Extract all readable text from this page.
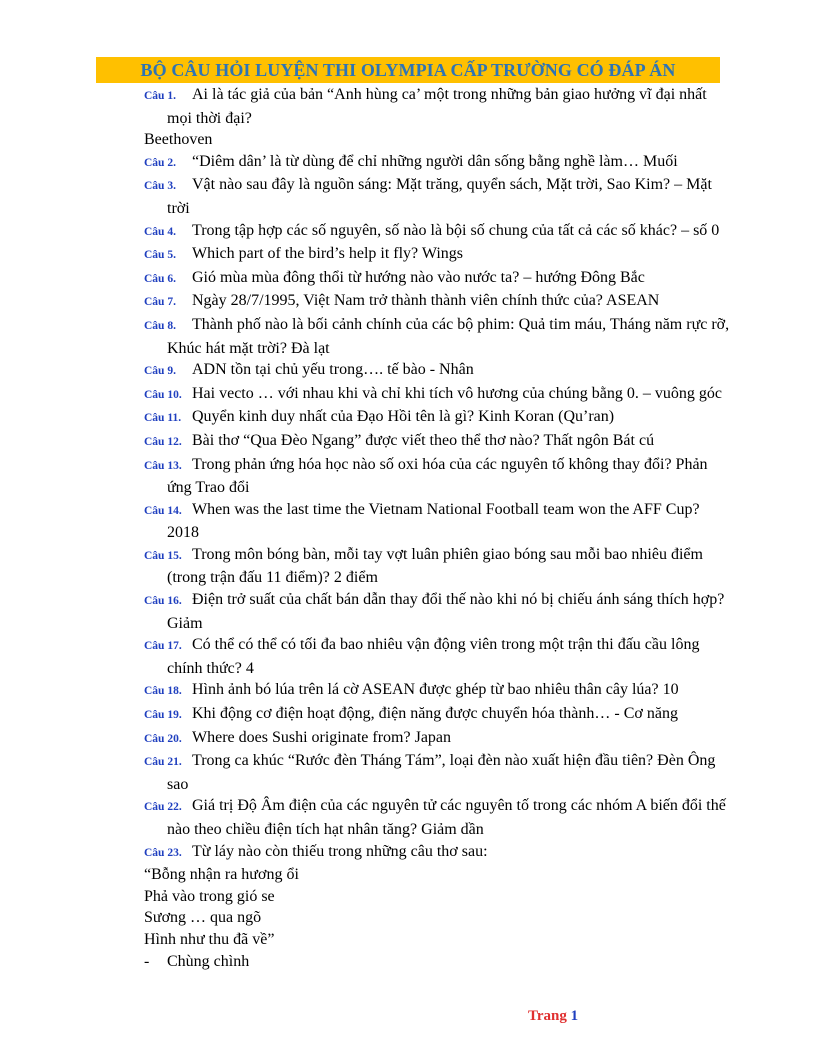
BỘ CÂU HỎI LUYỆN THI OLYMPIA CẤP TRƯỜNG CÓ ĐÁP ÁN

Câu 1. Ai là tác giả của bản “Anh hùng ca’ một trong những bản giao hưởng vĩ đại nhất mọi thời đại?

Beethoven

Câu 2. “Diêm dân’ là từ dùng để chỉ những người dân sống bằng nghề làm… Muối

Câu 3. Vật nào sau đây là nguồn sáng: Mặt trăng, quyển sách, Mặt trời, Sao Kim? – Mặt trời

Câu 4. Trong tập hợp các số nguyên, số nào là bội số chung của tất cả các số khác? – số 0

Câu 5. Which part of the bird’s help it fly? Wings

Câu 6. Gió mùa mùa đông thổi từ hướng nào vào nước ta? – hướng Đông Bắc

Câu 7. Ngày 28/7/1995, Việt Nam trở thành thành viên chính thức của? ASEAN

Câu 8. Thành phố nào là bối cảnh chính của các bộ phim: Quả tim máu, Tháng năm rực rỡ, Khúc hát mặt trời? Đà lạt

Câu 9. ADN tồn tại chủ yếu trong…. tế bào - Nhân

Câu 10. Hai vecto … với nhau khi và chỉ khi tích vô hương của chúng bằng 0. – vuông góc

Câu 11. Quyển kinh duy nhất của Đạo Hồi tên là gì? Kinh Koran (Qu’ran)

Câu 12. Bài thơ “Qua Đèo Ngang” được viết theo thể thơ nào? Thất ngôn Bát cú

Câu 13. Trong phản ứng hóa học nào số oxi hóa của các nguyên tố không thay đổi? Phản ứng Trao đổi

Câu 14. When was the last time the Vietnam National Football team won the AFF Cup? 2018

Câu 15. Trong môn bóng bàn, mỗi tay vợt luân phiên giao bóng sau mỗi bao nhiêu điểm (trong trận đấu 11 điểm)? 2 điểm

Câu 16. Điện trở suất của chất bán dẫn thay đổi thế nào khi nó bị chiếu ánh sáng thích hợp? Giảm

Câu 17. Có thể có thể có tối đa bao nhiêu vận động viên trong một trận thi đấu cầu lông chính thức? 4

Câu 18. Hình ảnh bó lúa trên lá cờ ASEAN được ghép từ bao nhiêu thân cây lúa? 10

Câu 19. Khi động cơ điện hoạt động, điện năng được chuyển hóa thành… - Cơ năng

Câu 20. Where does Sushi originate from? Japan

Câu 21. Trong ca khúc “Rước đèn Tháng Tám”, loại đèn nào xuất hiện đầu tiên? Đèn Ông sao

Câu 22. Giá trị Độ Âm điện của các nguyên tử các nguyên tố trong các nhóm A biến đổi thế nào theo chiều điện tích hạt nhân tăng? Giảm dần

Câu 23. Từ láy nào còn thiếu trong những câu thơ sau:

“Bỗng nhận ra hương ổi

Phả vào trong gió se

Sương … qua ngõ

Hình như thu đã về”

- Chùng chình

Trang 1
